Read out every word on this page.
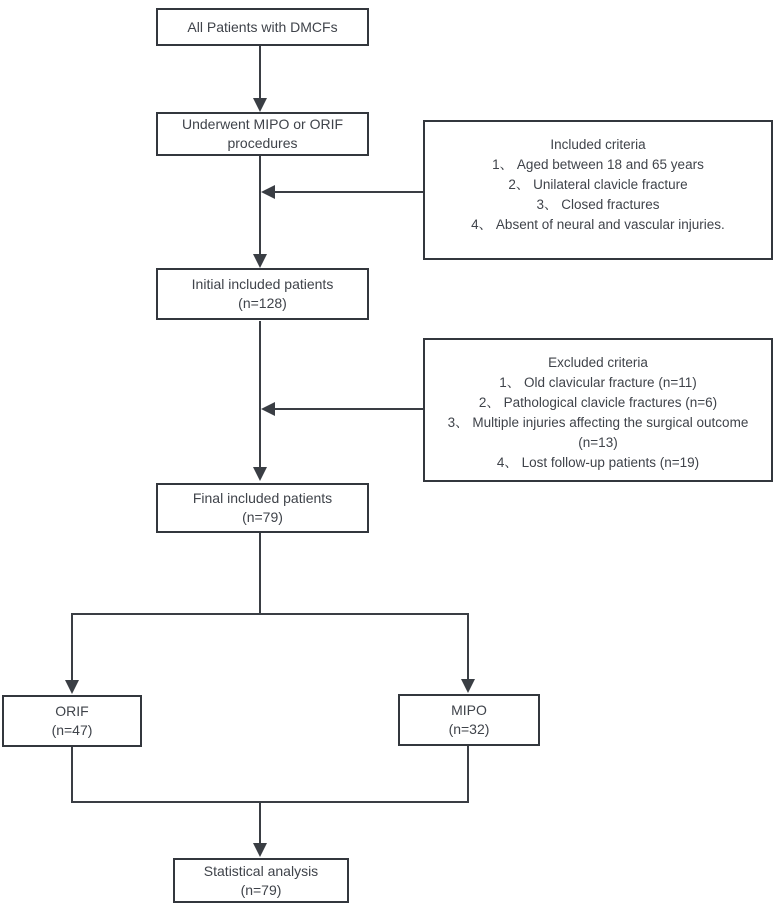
All Patients with DMCFs
Underwent MIPO or ORIF
procedures	Included criteria
1、 Aged between 18 and 65 years
2、 Unilateral clavicle fracture
3、 Closed fractures
4、 Absent of neural and vascular injuries.
Initial included patients
(n=128)
Excluded criteria
1、 Old clavicular fracture (n=11)
2、 Pathological clavicle fractures (n=6)
3、 Multiple injuries affecting the surgical outcome
(n=13)
4、 Lost follow-up patients (n=19)
Final included patients
(n=79)
ORIF
(n=47)
MIPO
(n=32)
Statistical analysis
(n=79)
